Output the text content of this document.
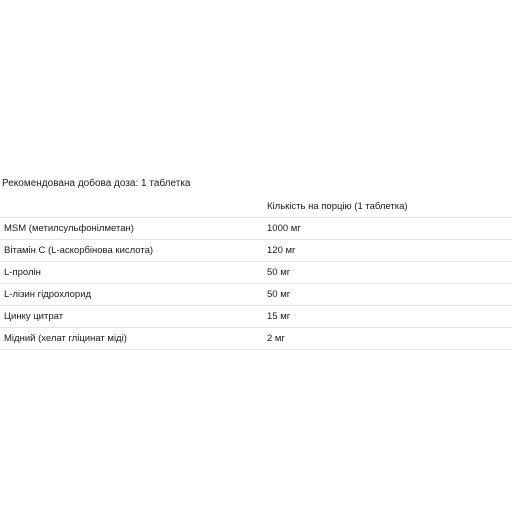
Рекомендована добова доза: 1 таблетка
Кількість на порцію (1 таблетка)
MSM (метилсульфонілметан)	1000 мг
Вітамін С (L-аскорбінова кислота)	120 мг
L-пролін	50 мг
L-лізин гідрохлорид	50 мг
Цинку цитрат	15 мг
Мідний (хелат гліцинат міді)	2 мг
